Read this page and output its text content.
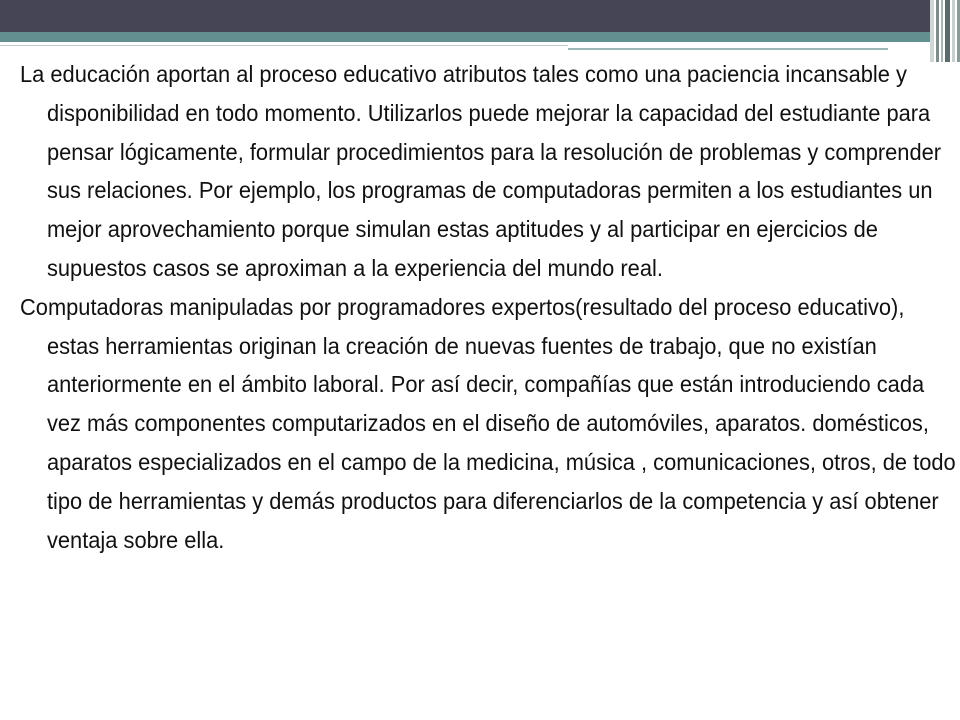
La educación aportan al proceso educativo atributos tales como una paciencia incansable y disponibilidad en todo momento. Utilizarlos puede mejorar la capacidad del estudiante para pensar lógicamente, formular procedimientos para la resolución de problemas y comprender sus relaciones. Por ejemplo, los programas de computadoras permiten a los estudiantes un mejor aprovechamiento porque simulan estas aptitudes y al participar en ejercicios de supuestos casos se aproximan a la experiencia del mundo real.

Computadoras manipuladas por programadores expertos(resultado del proceso educativo), estas herramientas originan la creación de nuevas fuentes de trabajo, que no existían anteriormente en el ámbito laboral. Por así decir, compañías que están introduciendo cada vez más componentes computarizados en el diseño de automóviles, aparatos. domésticos, aparatos especializados en el campo de la medicina, música , comunicaciones, otros, de todo tipo de herramientas y demás productos para diferenciarlos de la competencia y así obtener ventaja sobre ella.
